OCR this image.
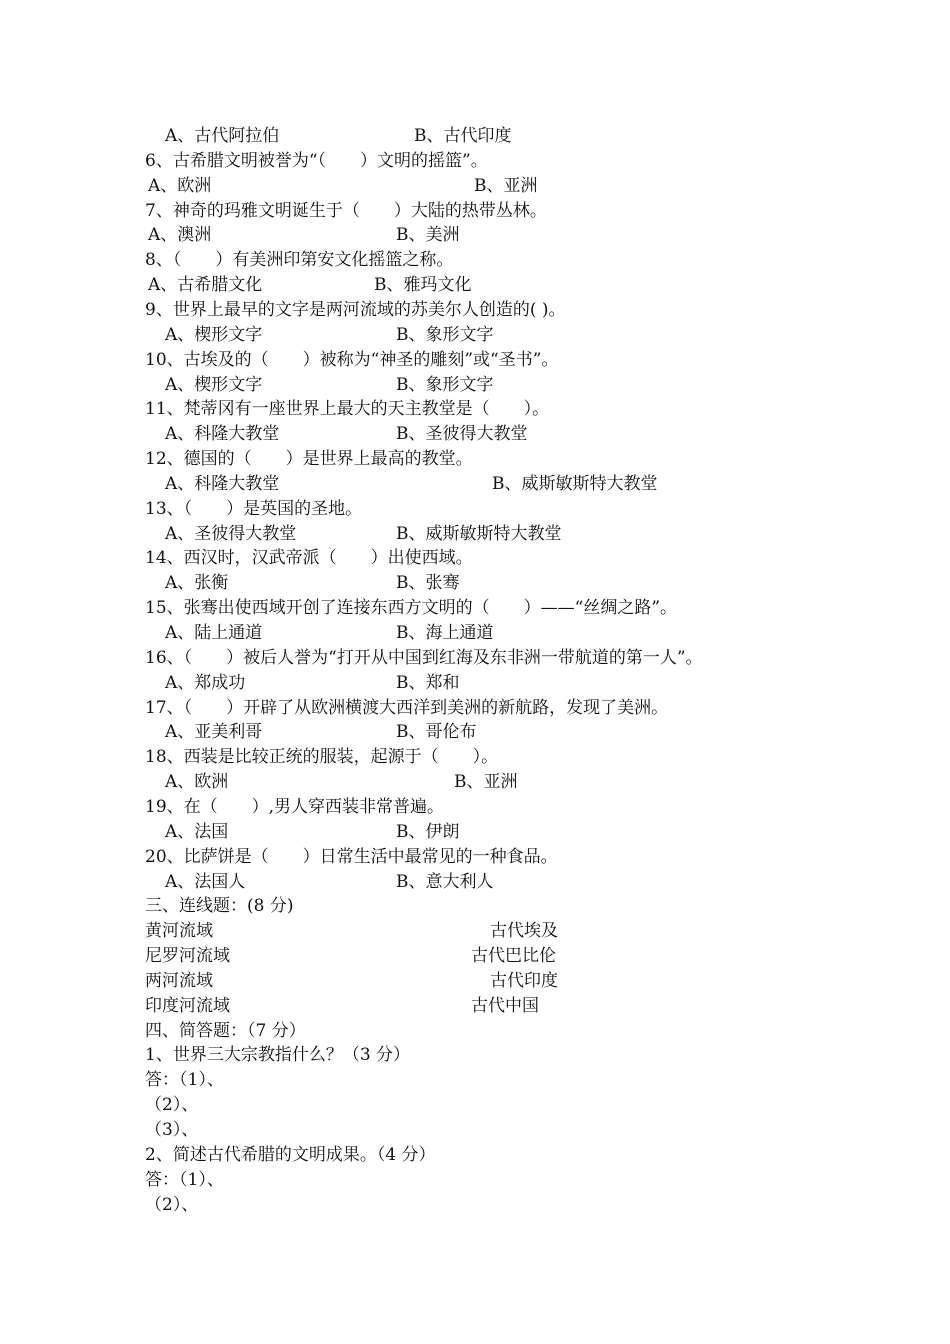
A、古代阿拉伯	B、古代印度
6、古希腊文明被誉为“（　　）文明的摇篮”。
A、欧洲	B、亚洲
7、神奇的玛雅文明诞生于（　　）大陆的热带丛林。
A、澳洲	B、美洲
8、（　　）有美洲印第安文化摇篮之称。
A、古希腊文化	B、雅玛文化
9、世界上最早的文字是两河流域的苏美尔人创造的( )。
A、楔形文字	B、象形文字
10、古埃及的（　　）被称为“神圣的雕刻”或“圣书”。
A、楔形文字	B、象形文字
11、梵蒂冈有一座世界上最大的天主教堂是（　　）。
A、科隆大教堂	B、圣彼得大教堂
12、德国的（　　）是世界上最高的教堂。
A、科隆大教堂	B、威斯敏斯特大教堂
13、（　　）是英国的圣地。
A、圣彼得大教堂	B、威斯敏斯特大教堂
14、西汉时，汉武帝派（　　）出使西域。
A、张衡	B、张骞
15、张骞出使西域开创了连接东西方文明的（　　）——“丝绸之路”。
A、陆上通道	B、海上通道
16、（　　）被后人誉为“打开从中国到红海及东非洲一带航道的第一人”。
A、郑成功	B、郑和
17、（　　）开辟了从欧洲横渡大西洋到美洲的新航路，发现了美洲。
A、亚美利哥	B、哥伦布
18、西装是比较正统的服装，起源于（　　）。
A、欧洲	B、亚洲
19、在（　　）,男人穿西装非常普遍。
A、法国	B、伊朗
20、比萨饼是（　　）日常生活中最常见的一种食品。
A、法国人	B、意大利人
三、连线题：(8 分)
黄河流域	古代埃及
尼罗河流域	古代巴比伦
两河流域	古代印度
印度河流域	古代中国
四、简答题：（7 分）
1、世界三大宗教指什么？（3 分）
答：（1）、
（2）、
（3）、
2、简述古代希腊的文明成果。（4 分）
答：（1）、
（2）、
